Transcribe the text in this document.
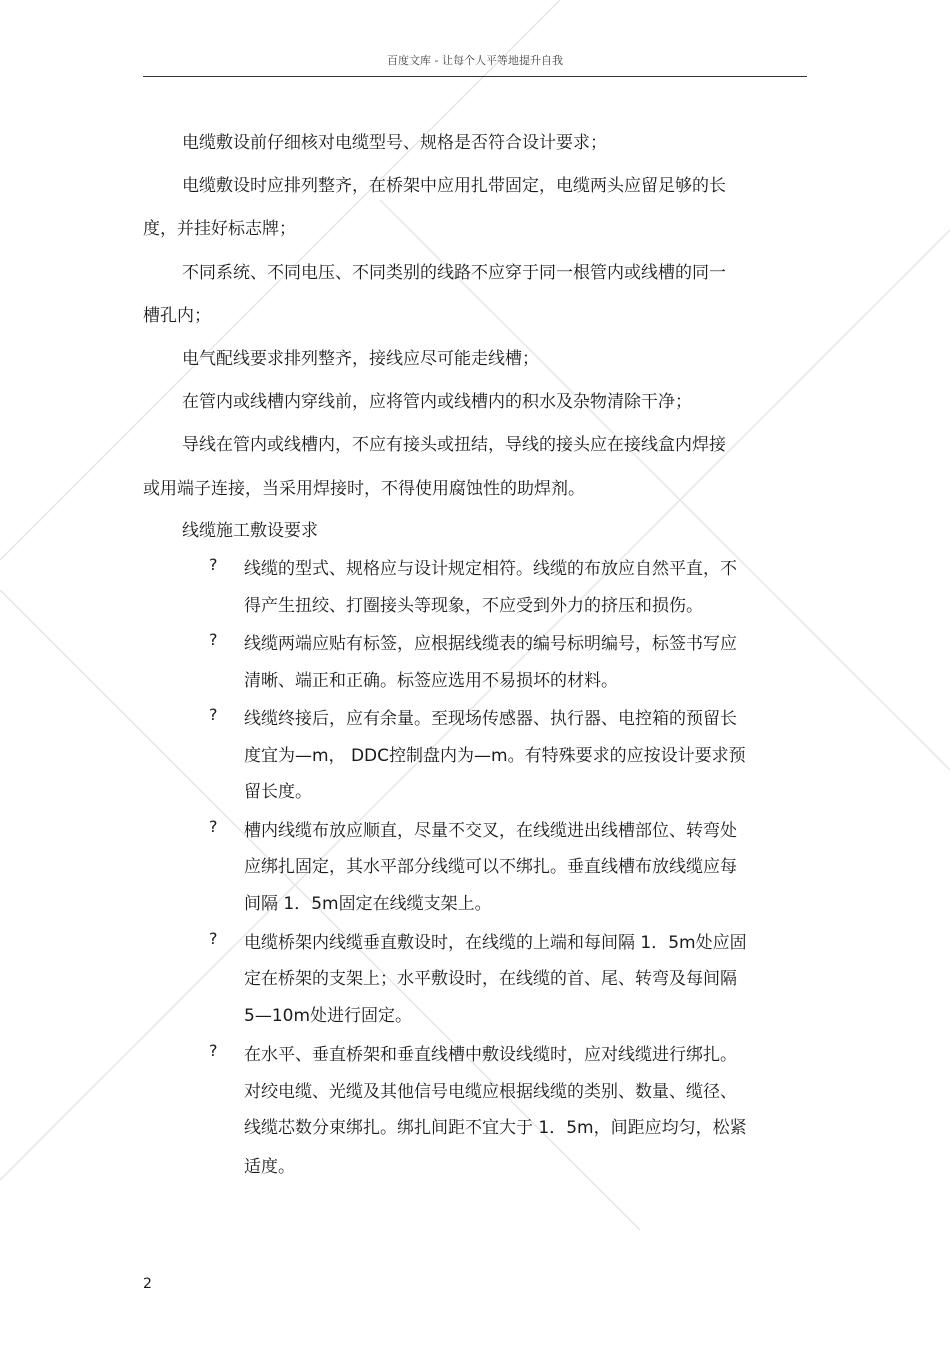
百度文库 - 让每个人平等地提升自我
电缆敷设前仔细核对电缆型号、规格是否符合设计要求；
电缆敷设时应排列整齐，在桥架中应用扎带固定，电缆两头应留足够的长
度，并挂好标志牌；
不同系统、不同电压、不同类别的线路不应穿于同一根管内或线槽的同一
槽孔内；
电气配线要求排列整齐，接线应尽可能走线槽；
在管内或线槽内穿线前，应将管内或线槽内的积水及杂物清除干净；
导线在管内或线槽内，不应有接头或扭结，导线的接头应在接线盒内焊接
或用端子连接，当采用焊接时，不得使用腐蚀性的助焊剂。
线缆施工敷设要求
? 线缆的型式、规格应与设计规定相符。线缆的布放应自然平直，不
得产生扭绞、打圈接头等现象，不应受到外力的挤压和损伤。
? 线缆两端应贴有标签，应根据线缆表的编号标明编号，标签书写应
清晰、端正和正确。标签应选用不易损坏的材料。
? 线缆终接后，应有余量。至现场传感器、执行器、电控箱的预留长
度宜为—m， DDC控制盘内为—m。有特殊要求的应按设计要求预
留长度。
? 槽内线缆布放应顺直，尽量不交叉，在线缆进出线槽部位、转弯处
应绑扎固定，其水平部分线缆可以不绑扎。垂直线槽布放线缆应每
间隔 1．5m固定在线缆支架上。
? 电缆桥架内线缆垂直敷设时，在线缆的上端和每间隔 1．5m处应固
定在桥架的支架上；水平敷设时，在线缆的首、尾、转弯及每间隔
5—10m处进行固定。
? 在水平、垂直桥架和垂直线槽中敷设线缆时，应对线缆进行绑扎。
对绞电缆、光缆及其他信号电缆应根据线缆的类别、数量、缆径、
线缆芯数分束绑扎。绑扎间距不宜大于 1．5m，间距应均匀，松紧
适度。
2
